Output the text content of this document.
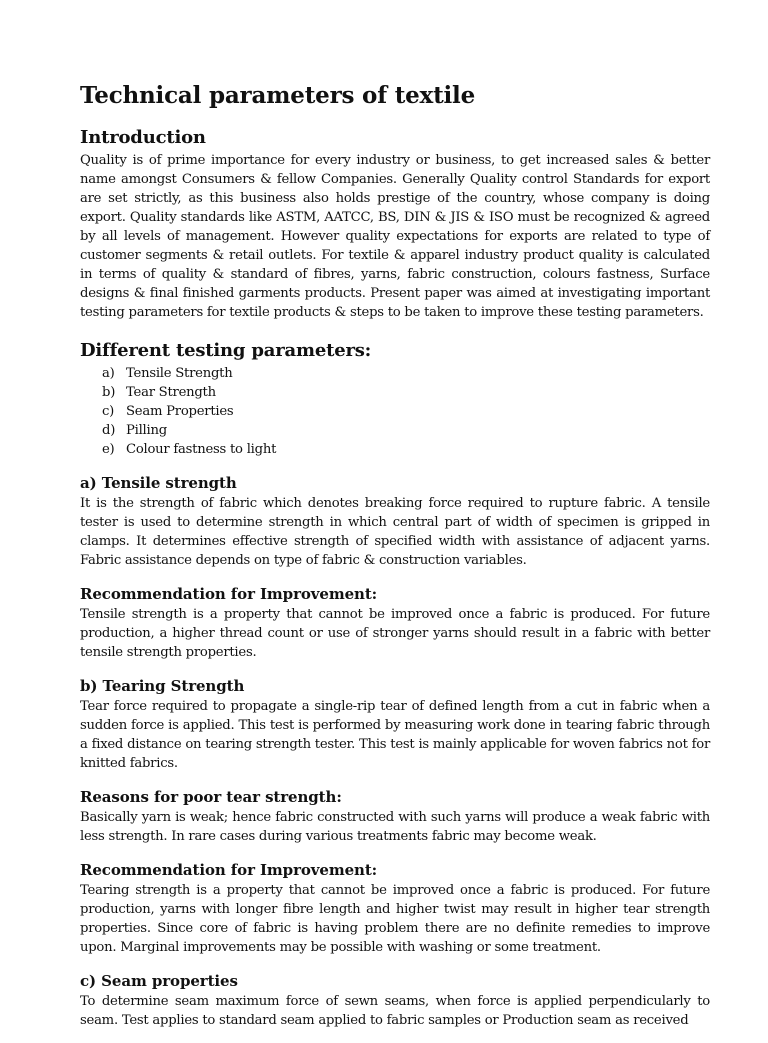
Technical parameters of textile
Introduction

Quality is of prime importance for every industry or business, to get increased sales & better name amongst Consumers & fellow Companies. Generally Quality control Standards for export are set strictly, as this business also holds prestige of the country, whose company is doing export. Quality standards like ASTM, AATCC, BS, DIN & JIS & ISO must be recognized & agreed by all levels of management. However quality expectations for exports are related to type of customer segments & retail outlets. For textile & apparel industry product quality is calculated in terms of quality & standard of fibres, yarns, fabric construction, colours fastness, Surface designs & final finished garments products. Present paper was aimed at investigating important testing parameters for textile products & steps to be taken to improve these testing parameters.

Different testing parameters:
a) Tensile Strength
b) Tear Strength
c) Seam Properties
d) Pilling
e) Colour fastness to light
a) Tensile strength

It is the strength of fabric which denotes breaking force required to rupture fabric. A tensile tester is used to determine strength in which central part of width of specimen is gripped in clamps. It determines effective strength of specified width with assistance of adjacent yarns. Fabric assistance depends on type of fabric & construction variables.

Recommendation for Improvement:

Tensile strength is a property that cannot be improved once a fabric is produced. For future production, a higher thread count or use of stronger yarns should result in a fabric with better tensile strength properties.

b) Tearing Strength

Tear force required to propagate a single-rip tear of defined length from a cut in fabric when a sudden force is applied. This test is performed by measuring work done in tearing fabric through a fixed distance on tearing strength tester. This test is mainly applicable for woven fabrics not for knitted fabrics.

Reasons for poor tear strength:

Basically yarn is weak; hence fabric constructed with such yarns will produce a weak fabric with less strength. In rare cases during various treatments fabric may become weak.

Recommendation for Improvement:

Tearing strength is a property that cannot be improved once a fabric is produced. For future production, yarns with longer fibre length and higher twist may result in higher tear strength properties. Since core of fabric is having problem there are no definite remedies to improve upon. Marginal improvements may be possible with washing or some treatment.

c) Seam properties

To determine seam maximum force of sewn seams, when force is applied perpendicularly to seam. Test applies to standard seam applied to fabric samples or Production seam as received
